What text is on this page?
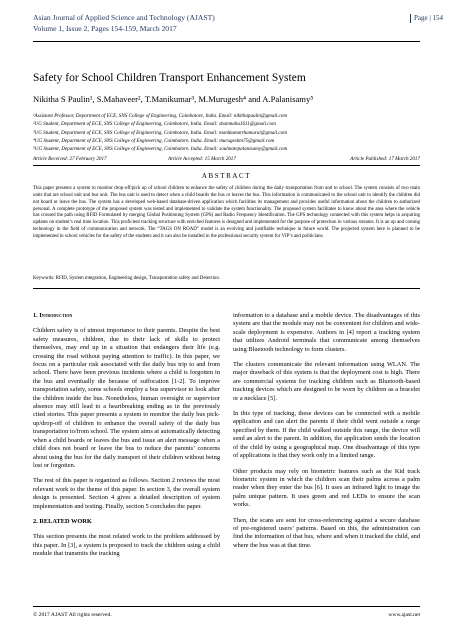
Asian Journal of Applied Science and Technology (AJAST)
Volume 1, Issue 2, Pages 154-159, March 2017
Page | 154
Safety for School Children Transport Enhancement System
Nikitha S Paulin¹, S.Mahaveer², T.Manikumar³, M.Murugesh⁴ and A.Palanisamy⁵
¹Assistant Professor, Department of ECE, SNS College of Engineering, Coimbatore, India. Email: nikithapaulin@gmail.com
²UG Student, Department of ECE, SNS College of Engineering, Coimbatore, India. Email: shanmahu1611@gmail.com
³UG Student, Department of ECE, SNS College of Engineering, Coimbatore, India. Email: manikumarthamarai@gmail.com
⁴UG Student, Department of ECE, SNS College of Engineering, Coimbatore, India. Email: murugeshm75@gmail.com
⁵UG Student, Department of ECE, SNS College of Engineering, Coimbatore, India. Email: soulmatepalanisamy@gmail.com
Article Received: 27 February 2017	Article Accepted: 15 March 2017	Article Published: 17 March 2017
ABSTRACT
This paper presents a system to monitor drop-off/pick up of school children to enhance the safety of children during the daily transportation from and to school. The system consists of two main units that are school unit and bus unit. The bus unit is used to detect when a child boards the bus or leaves the bus. This information is communicated to the school unit to identify the children did not board or leave the bus. The system has a developed web-based database-driven application which facilities its management and provides useful information about the children to authorized personal. A complete prototype of the proposed system was tested and implemented to validate the system functionality. The proposed system facilitates to know about the area where the vehicle has crossed the path using RFID Formulated by merging Global Positioning System (GPS) and Radio Frequency Identification. The GPS technology connected with this system helps in acquiring updates on student’s real time location. This proficient tracking structure with enriched features is designed and implemented for the purpose of protection in various streams. It is an up and coming technology in the field of communication and network. The “TAGS ON ROAD” model is an evolving and justifiable technique in future world. The projected system here is planned to be implemented in school vehicles for the safety of the students and it can also be installed in the professional security system for VIP’s and politicians.
Keywords: RFID, System integration, Engineering design, Transportation safety and Detection.

1. Introduction

Childern safety is of utmost importance to their parents. Despite the best safety measures, children, due to their lack of skills to protect themselves, may end up in a situation that endangers their life (e.g. crossing the road without paying attention to traffic). In this paper, we focus on a particular risk associated with the daily bus trip to and from school. There have been previous incidents where a child is forgotten in the bus and eventually die because of suffocation [1-2]. To improve transportation safety, some schools employ a bus supervisor to look after the children inside the bus. Nonetheless, human oversight or supervisor absence may still lead to a heartbreaking ending as in the previously cited stories. This paper presents a system to monitor the daily bus pick-up/drop-off of children to enhance the overall safety of the daily bus transportation to/from school. The system aims at automatically detecting when a child boards or leaves the bus and issue an alert message when a child does not board or leave the bus to reduce the parents’ concerns about using the bus for the daily transport of their children without being lost or forgotten.

The rest of this paper is organized as follows. Section 2 reviews the most relevant work to the theme of this paper. In section 3, the overall system design is presented. Section 4 gives a detailed description of system implementation and testing. Finally, section 5 concludes the paper.

2. RELATED WORK

This section presents the most related work to the problem addressed by this paper. In [3], a system is proposed to track the children using a child module that transmits the tracking

information to a database and a mobile device. The disadvantages of this system are that the module may not be convenient for children and wide-scale deployment is expensive. Authors in [4] report a tracking system that utilizes Android terminals that communicate among themselves using Bluetooth technology to form clusters.

The clusters communicate the relevant information using WLAN. The major drawback of this system is that the deployment cost is high. There are commercial systems for tracking children such as Bluetooth-based tracking devices which are designed to be worn by children as a bracelet or a necklace [5].

In this type of tracking, these devices can be connected with a mobile application and can alert the parents if their child went outside a range specified by them. If the child walked outside this range, the device will send an alert to the parent. In addition, the application sends the location of the child by using a geographical map. One disadvantage of this type of applications is that they work only in a limited range.

Other products may rely on biometric features such as the Kid track biometric system in which the children scan their palms across a palm reader when they enter the bus [6]. It uses an infrared light to image the palm unique pattern. It uses green and red LEDs to ensure the scan works.

Then, the scans are sent for cross-referencing against a secure database of pre-registered users’ patterns. Based on this, the administration can find the information of that bus, where and when it tracked the child, and where the bus was at that time.

© 2017 AJAST All rights reserved.	www.ajast.net
